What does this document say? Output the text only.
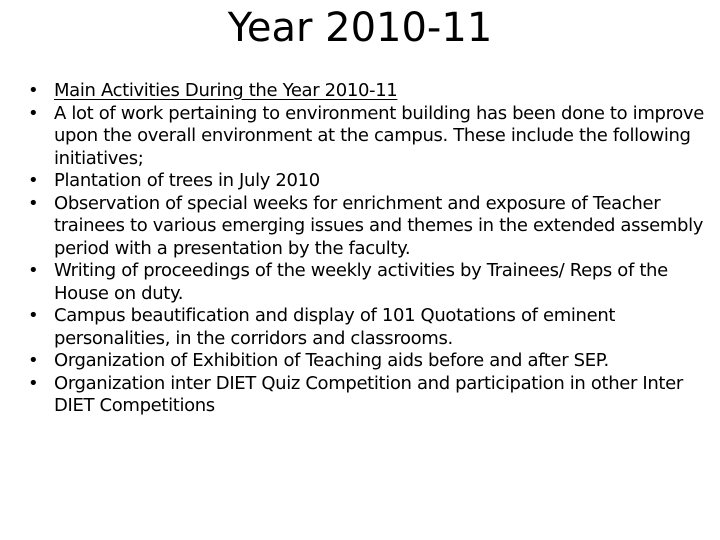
Year 2010-11
• Main Activities During the Year 2010-11
• A lot of work pertaining to environment building has been done to improve upon the overall environment at the campus. These include the following initiatives;
• Plantation of trees in July 2010
• Observation of special weeks for enrichment and exposure of Teacher trainees to various emerging issues and themes in the extended assembly period with a presentation by the faculty.
• Writing of proceedings of the weekly activities by Trainees/ Reps of the House on duty.
• Campus beautification and display of 101 Quotations of eminent personalities, in the corridors and classrooms.
• Organization of Exhibition of Teaching aids before and after SEP.
• Organization inter DIET Quiz Competition and participation in other Inter DIET Competitions
